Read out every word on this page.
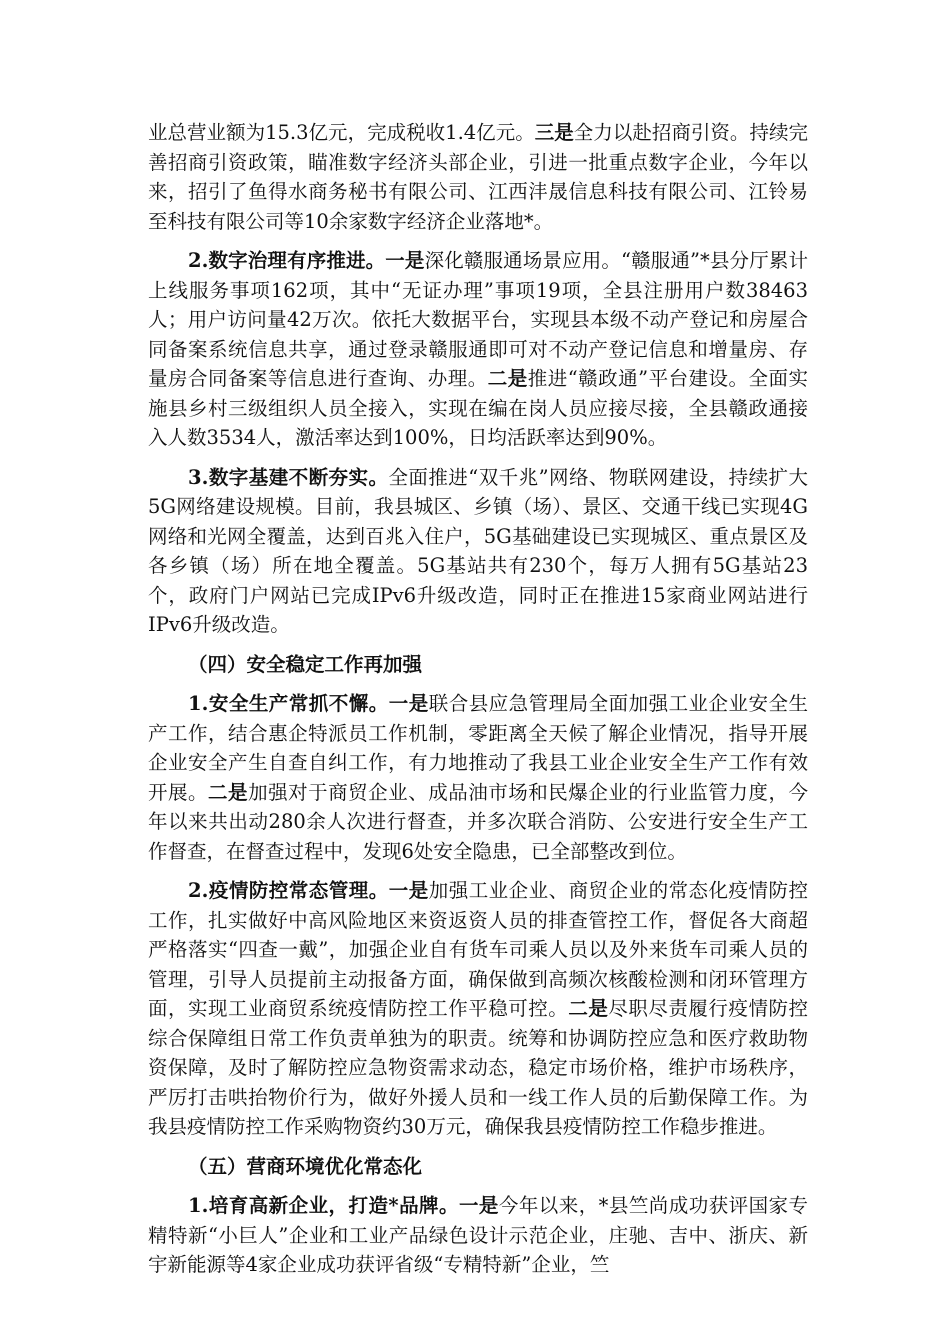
业总营业额为15.3亿元，完成税收1.4亿元。三是全力以赴招商引资。持续完善招商引资政策，瞄准数字经济头部企业，引进一批重点数字企业，今年以来，招引了鱼得水商务秘书有限公司、江西沣晟信息科技有限公司、江铃易至科技有限公司等10余家数字经济企业落地*。

2.数字治理有序推进。一是深化赣服通场景应用。“赣服通”*县分厅累计上线服务事项162项，其中“无证办理”事项19项，全县注册用户数38463人；用户访问量42万次。依托大数据平台，实现县本级不动产登记和房屋合同备案系统信息共享，通过登录赣服通即可对不动产登记信息和增量房、存量房合同备案等信息进行查询、办理。二是推进“赣政通”平台建设。全面实施县乡村三级组织人员全接入，实现在编在岗人员应接尽接，全县赣政通接入人数3534人，激活率达到100%，日均活跃率达到90%。

3.数字基建不断夯实。全面推进“双千兆”网络、物联网建设，持续扩大5G网络建设规模。目前，我县城区、乡镇（场）、景区、交通干线已实现4G网络和光网全覆盖，达到百兆入住户，5G基础建设已实现城区、重点景区及各乡镇（场）所在地全覆盖。5G基站共有230个，每万人拥有5G基站23个，政府门户网站已完成IPv6升级改造，同时正在推进15家商业网站进行IPv6升级改造。

（四）安全稳定工作再加强

1.安全生产常抓不懈。一是联合县应急管理局全面加强工业企业安全生产工作，结合惠企特派员工作机制，零距离全天候了解企业情况，指导开展企业安全产生自查自纠工作，有力地推动了我县工业企业安全生产工作有效开展。二是加强对于商贸企业、成品油市场和民爆企业的行业监管力度，今年以来共出动280余人次进行督查，并多次联合消防、公安进行安全生产工作督查，在督查过程中，发现6处安全隐患，已全部整改到位。

2.疫情防控常态管理。一是加强工业企业、商贸企业的常态化疫情防控工作，扎实做好中高风险地区来资返资人员的排查管控工作，督促各大商超严格落实“四查一戴”，加强企业自有货车司乘人员以及外来货车司乘人员的管理，引导人员提前主动报备方面，确保做到高频次核酸检测和闭环管理方面，实现工业商贸系统疫情防控工作平稳可控。二是尽职尽责履行疫情防控综合保障组日常工作负责单独为的职责。统筹和协调防控应急和医疗救助物资保障，及时了解防控应急物资需求动态，稳定市场价格，维护市场秩序，严厉打击哄抬物价行为，做好外援人员和一线工作人员的后勤保障工作。为我县疫情防控工作采购物资约30万元，确保我县疫情防控工作稳步推进。

（五）营商环境优化常态化

1.培育高新企业，打造*品牌。一是今年以来，*县竺尚成功获评国家专精特新“小巨人”企业和工业产品绿色设计示范企业，庄驰、吉中、浙庆、新宇新能源等4家企业成功获评省级“专精特新”企业，竺
